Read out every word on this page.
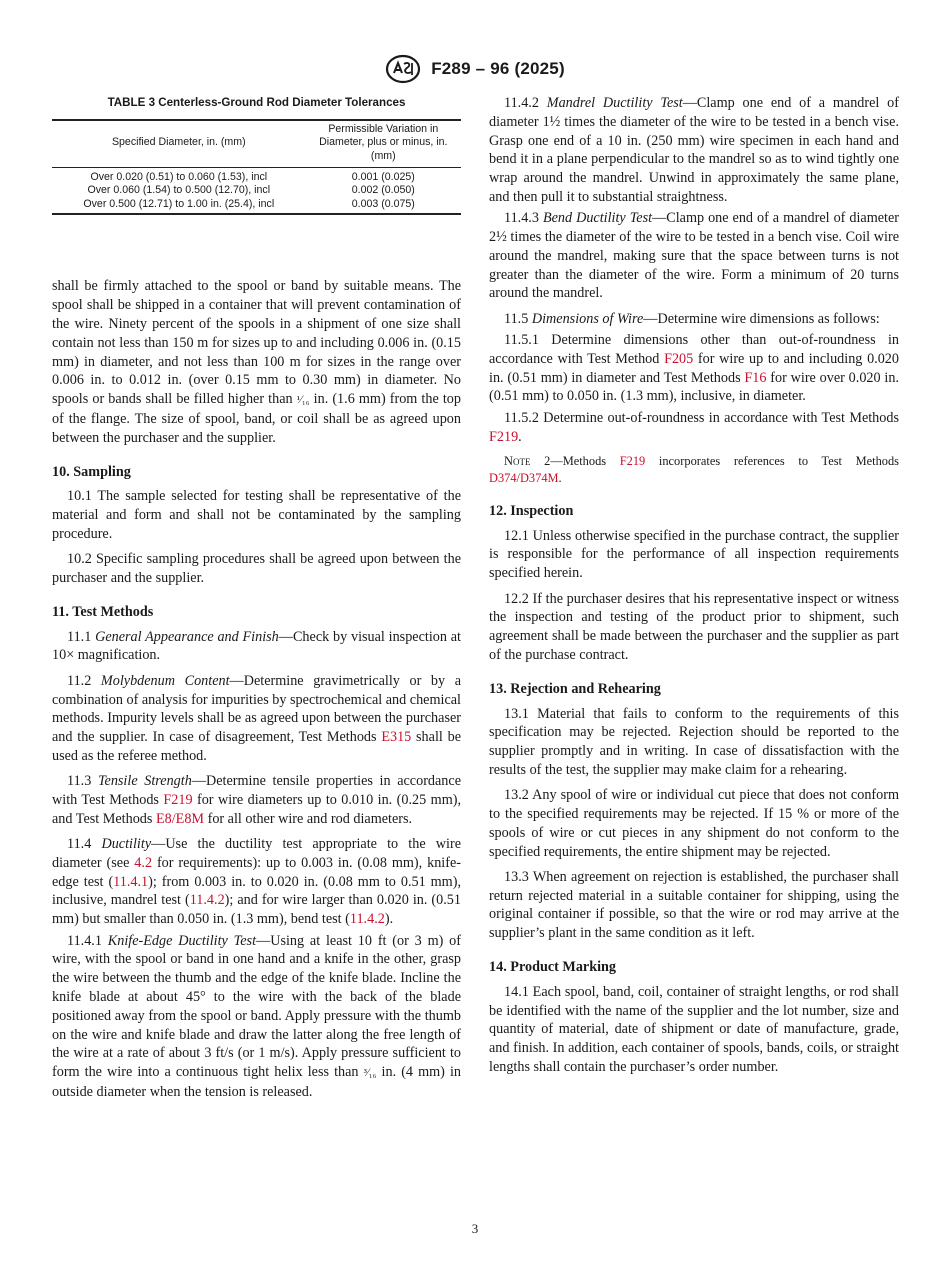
F289 – 96 (2025)
TABLE 3 Centerless-Ground Rod Diameter Tolerances
Specified Diameter, in. (mm)	Permissible Variation in Diameter, plus or minus, in. (mm)
Over 0.020 (0.51) to 0.060 (1.53), incl	0.001 (0.025)
Over 0.060 (1.54) to 0.500 (12.70), incl	0.002 (0.050)
Over 0.500 (12.71) to 1.00 in. (25.4), incl	0.003 (0.075)

shall be firmly attached to the spool or band by suitable means. The spool shall be shipped in a container that will prevent contamination of the wire. Ninety percent of the spools in a shipment of one size shall contain not less than 150 m for sizes up to and including 0.006 in. (0.15 mm) in diameter, and not less than 100 m for sizes in the range over 0.006 in. to 0.012 in. (over 0.15 mm to 0.30 mm) in diameter. No spools or bands shall be filled higher than ¹⁄₁₆ in. (1.6 mm) from the top of the flange. The size of spool, band, or coil shall be as agreed upon between the purchaser and the supplier.

10. Sampling

10.1 The sample selected for testing shall be representative of the material and form and shall not be contaminated by the sampling procedure.

10.2 Specific sampling procedures shall be agreed upon between the purchaser and the supplier.

11. Test Methods

11.1 General Appearance and Finish—Check by visual inspection at 10× magnification.

11.2 Molybdenum Content—Determine gravimetrically or by a combination of analysis for impurities by spectrochemical and chemical methods. Impurity levels shall be as agreed upon between the purchaser and the supplier. In case of disagreement, Test Methods E315 shall be used as the referee method.

11.3 Tensile Strength—Determine tensile properties in accordance with Test Methods F219 for wire diameters up to 0.010 in. (0.25 mm), and Test Methods E8/E8M for all other wire and rod diameters.

11.4 Ductility—Use the ductility test appropriate to the wire diameter (see 4.2 for requirements): up to 0.003 in. (0.08 mm), knife-edge test (11.4.1); from 0.003 in. to 0.020 in. (0.08 mm to 0.51 mm), inclusive, mandrel test (11.4.2); and for wire larger than 0.020 in. (0.51 mm) but smaller than 0.050 in. (1.3 mm), bend test (11.4.2).

11.4.1 Knife-Edge Ductility Test—Using at least 10 ft (or 3 m) of wire, with the spool or band in one hand and a knife in the other, grasp the wire between the thumb and the edge of the knife blade. Incline the knife blade at about 45° to the wire with the back of the blade positioned away from the spool or band. Apply pressure with the thumb on the wire and knife blade and draw the latter along the free length of the wire at a rate of about 3 ft/s (or 1 m/s). Apply pressure sufficient to form the wire into a continuous tight helix less than ³⁄₁₆ in. (4 mm) in outside diameter when the tension is released.

11.4.2 Mandrel Ductility Test—Clamp one end of a mandrel of diameter 1½ times the diameter of the wire to be tested in a bench vise. Grasp one end of a 10 in. (250 mm) wire specimen in each hand and bend it in a plane perpendicular to the mandrel so as to wind tightly one wrap around the mandrel. Unwind in approximately the same plane, and then pull it to substantial straightness.

11.4.3 Bend Ductility Test—Clamp one end of a mandrel of diameter 2½ times the diameter of the wire to be tested in a bench vise. Coil wire around the mandrel, making sure that the space between turns is not greater than the diameter of the wire. Form a minimum of 20 turns around the mandrel.

11.5 Dimensions of Wire—Determine wire dimensions as follows:

11.5.1 Determine dimensions other than out-of-roundness in accordance with Test Method F205 for wire up to and including 0.020 in. (0.51 mm) in diameter and Test Methods F16 for wire over 0.020 in. (0.51 mm) to 0.050 in. (1.3 mm), inclusive, in diameter.

11.5.2 Determine out-of-roundness in accordance with Test Methods F219.

Note 2—Methods F219 incorporates references to Test Methods D374/D374M.

12. Inspection

12.1 Unless otherwise specified in the purchase contract, the supplier is responsible for the performance of all inspection requirements specified herein.

12.2 If the purchaser desires that his representative inspect or witness the inspection and testing of the product prior to shipment, such agreement shall be made between the purchaser and the supplier as part of the purchase contract.

13. Rejection and Rehearing

13.1 Material that fails to conform to the requirements of this specification may be rejected. Rejection should be reported to the supplier promptly and in writing. In case of dissatisfaction with the results of the test, the supplier may make claim for a rehearing.

13.2 Any spool of wire or individual cut piece that does not conform to the specified requirements may be rejected. If 15 % or more of the spools of wire or cut pieces in any shipment do not conform to the specified requirements, the entire shipment may be rejected.

13.3 When agreement on rejection is established, the purchaser shall return rejected material in a suitable container for shipping, using the original container if possible, so that the wire or rod may arrive at the supplier’s plant in the same condition as it left.

14. Product Marking

14.1 Each spool, band, coil, container of straight lengths, or rod shall be identified with the name of the supplier and the lot number, size and quantity of material, date of shipment or date of manufacture, grade, and finish. In addition, each container of spools, bands, coils, or straight lengths shall contain the purchaser’s order number.

3
